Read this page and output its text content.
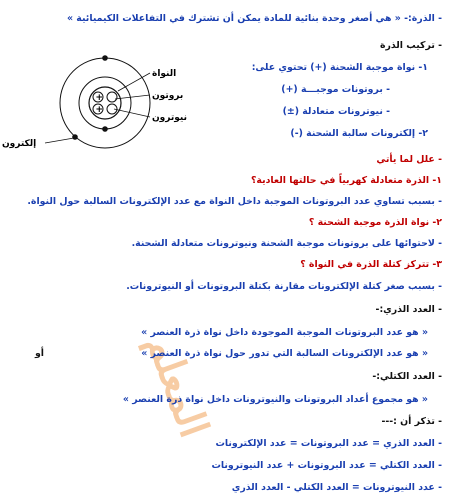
المعلم
- الذرة:- « هي أصغر وحدة بنائية للمادة يمكن أن تشترك في التفاعلات الكيميائية »
- تركيب الذرة
١- نواة موجبة الشحنة (+) تحتوي على:
- بروتونات موجبـــة (+)
- نيوترونات متعادلة (±)
٢- إلكترونات سالبة الشحنة (-)
- علل لما يأتي
١- الذرة متعادلة كهربياً في حالتها العادية؟
- بسبب تساوي عدد البروتونات الموجبة داخل النواة مع عدد الإلكترونات السالبة حول النواة.
٢- نواة الذرة موجبة الشحنة ؟
- لاحتوائها على بروتونات موجبة الشحنة ونيوترونات متعادلة الشحنة.
٣- تتركز كتلة الذرة في النواة ؟
- بسبب صغر كتلة الإلكترونات مقارنة بكتلة البروتونات أو النيوترونات.
- العدد الذري:-
« هو عدد البروتونات الموجبة الموجودة داخل نواة ذرة العنصر »
أو	« هو عدد الإلكترونات السالبة التي تدور حول نواة ذرة العنصر »
- العدد الكتلي:-
« هو مجموع أعداد البروتونات والنيوترونات داخل نواة ذرة العنصر »
- تذكر أن :---
- العدد الذري = عدد البروتونات = عدد الإلكترونات
- العدد الكتلي = عدد البروتونات + عدد النيوترونات
- عدد النيوترونات = العدد الكتلي - العدد الذري
+
+
النواة
بروتون
نيوترون
إلكترون
